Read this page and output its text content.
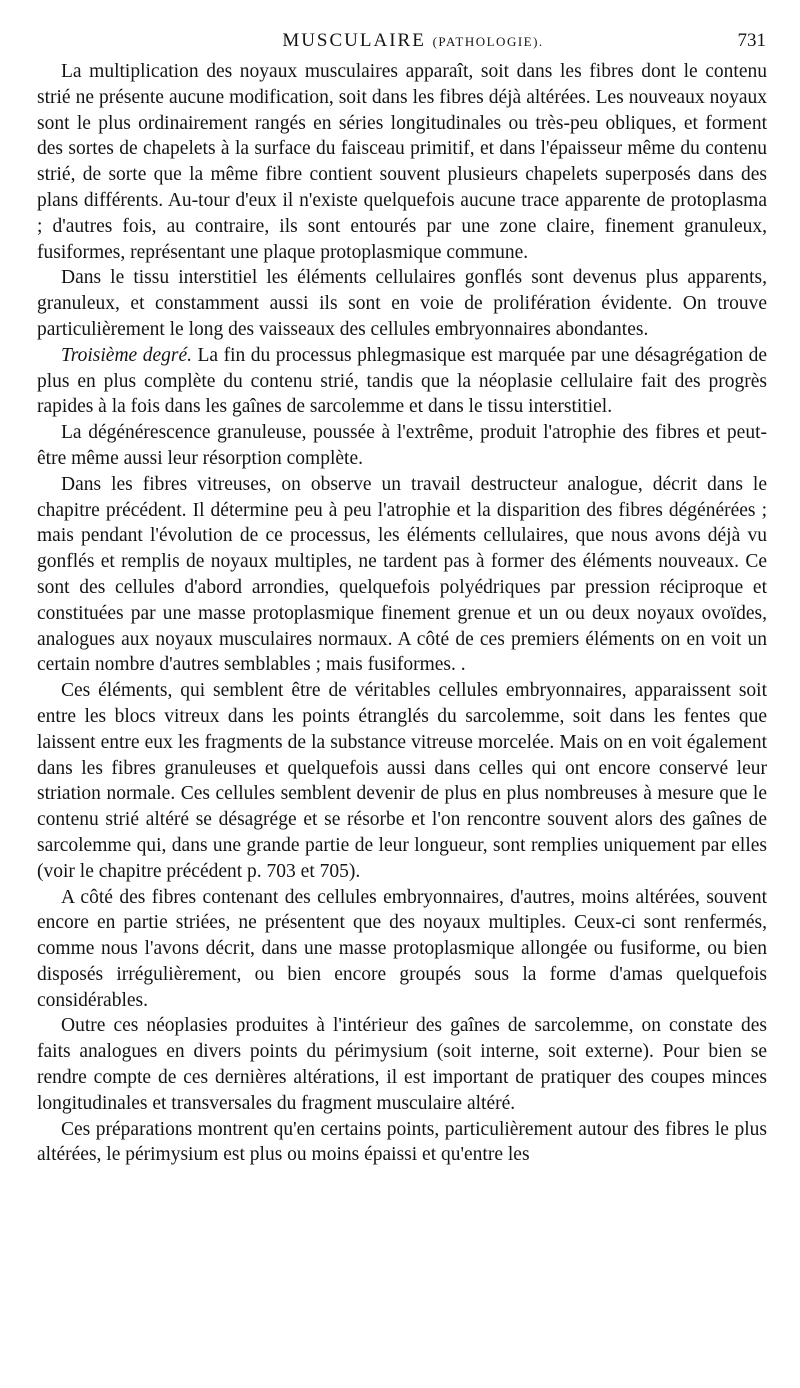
MUSCULAIRE (PATHOLOGIE).	731

La multiplication des noyaux musculaires apparaît, soit dans les fibres dont le contenu strié ne présente aucune modification, soit dans les fibres déjà altérées. Les nouveaux noyaux sont le plus ordinairement rangés en séries longitudinales ou très-peu obliques, et forment des sortes de chapelets à la surface du faisceau primitif, et dans l'épaisseur même du contenu strié, de sorte que la même fibre contient souvent plusieurs chapelets superposés dans des plans différents. Au-tour d'eux il n'existe quelquefois aucune trace apparente de protoplasma ; d'autres fois, au contraire, ils sont entourés par une zone claire, finement granuleux, fusiformes, représentant une plaque protoplasmique commune.

Dans le tissu interstitiel les éléments cellulaires gonflés sont devenus plus apparents, granuleux, et constamment aussi ils sont en voie de prolifération évidente. On trouve particulièrement le long des vaisseaux des cellules embryonnaires abondantes.

Troisième degré. La fin du processus phlegmasique est marquée par une désagrégation de plus en plus complète du contenu strié, tandis que la néoplasie cellulaire fait des progrès rapides à la fois dans les gaînes de sarcolemme et dans le tissu interstitiel.

La dégénérescence granuleuse, poussée à l'extrême, produit l'atrophie des fibres et peut-être même aussi leur résorption complète.

Dans les fibres vitreuses, on observe un travail destructeur analogue, décrit dans le chapitre précédent. Il détermine peu à peu l'atrophie et la disparition des fibres dégénérées ; mais pendant l'évolution de ce processus, les éléments cellulaires, que nous avons déjà vu gonflés et remplis de noyaux multiples, ne tardent pas à former des éléments nouveaux. Ce sont des cellules d'abord arrondies, quelquefois polyédriques par pression réciproque et constituées par une masse protoplasmique finement grenue et un ou deux noyaux ovoïdes, analogues aux noyaux musculaires normaux. A côté de ces premiers éléments on en voit un certain nombre d'autres semblables ; mais fusiformes. .

Ces éléments, qui semblent être de véritables cellules embryonnaires, apparaissent soit entre les blocs vitreux dans les points étranglés du sarcolemme, soit dans les fentes que laissent entre eux les fragments de la substance vitreuse morcelée. Mais on en voit également dans les fibres granuleuses et quelquefois aussi dans celles qui ont encore conservé leur striation normale. Ces cellules semblent devenir de plus en plus nombreuses à mesure que le contenu strié altéré se désagrége et se résorbe et l'on rencontre souvent alors des gaînes de sarcolemme qui, dans une grande partie de leur longueur, sont remplies uniquement par elles (voir le chapitre précédent p. 703 et 705).

A côté des fibres contenant des cellules embryonnaires, d'autres, moins altérées, souvent encore en partie striées, ne présentent que des noyaux multiples. Ceux-ci sont renfermés, comme nous l'avons décrit, dans une masse protoplasmique allongée ou fusiforme, ou bien disposés irrégulièrement, ou bien encore groupés sous la forme d'amas quelquefois considérables.

Outre ces néoplasies produites à l'intérieur des gaînes de sarcolemme, on constate des faits analogues en divers points du périmysium (soit interne, soit externe). Pour bien se rendre compte de ces dernières altérations, il est important de pratiquer des coupes minces longitudinales et transversales du fragment musculaire altéré.

Ces préparations montrent qu'en certains points, particulièrement autour des fibres le plus altérées, le périmysium est plus ou moins épaissi et qu'entre les
